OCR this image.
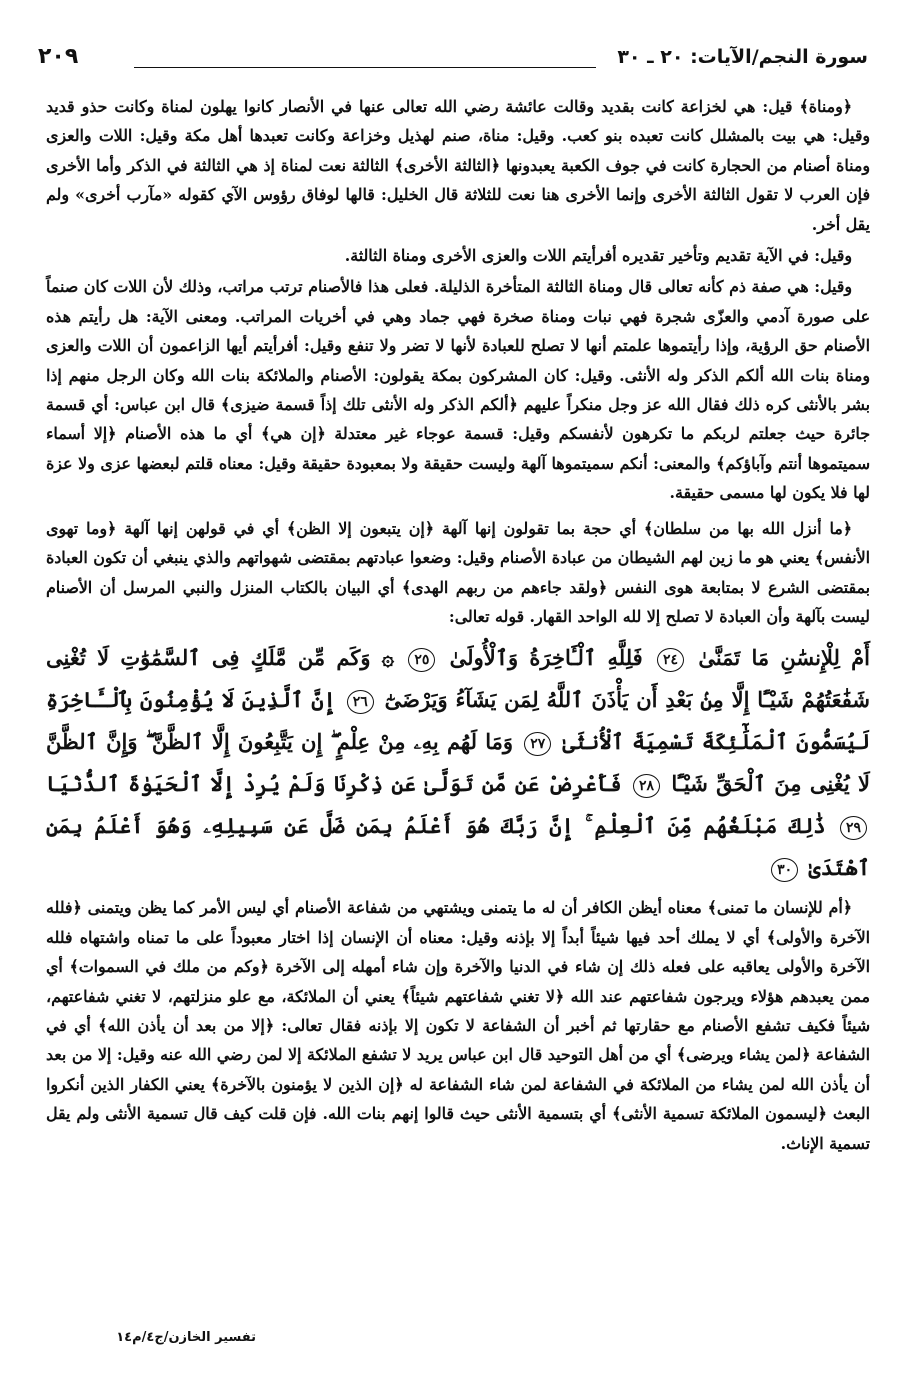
سورة النجم/الآيات: ٢٠ ـ ٣٠
٢٠٩

﴿ومناة﴾ قيل: هي لخزاعة كانت بقديد وقالت عائشة رضي الله تعالى عنها في الأنصار كانوا يهلون لمناة وكانت حذو قديد وقيل: هي بيت بالمشلل كانت تعبده بنو كعب. وقيل: مناة، صنم لهذيل وخزاعة وكانت تعبدها أهل مكة وقيل: اللات والعزى ومناة أصنام من الحجارة كانت في جوف الكعبة يعبدونها ﴿الثالثة الأخرى﴾ الثالثة نعت لمناة إذ هي الثالثة في الذكر وأما الأخرى فإن العرب لا تقول الثالثة الأخرى وإنما الأخرى هنا نعت للثلاثة قال الخليل: قالها لوفاق رؤوس الآي كقوله «مآرب أخرى» ولم يقل أخر.

وقيل: في الآية تقديم وتأخير تقديره أفرأيتم اللات والعزى الأخرى ومناة الثالثة.

وقيل: هي صفة ذم كأنه تعالى قال ومناة الثالثة المتأخرة الذليلة. فعلى هذا فالأصنام ترتب مراتب، وذلك لأن اللات كان صنماً على صورة آدمي والعزّى شجرة فهي نبات ومناة صخرة فهي جماد وهي في أخريات المراتب. ومعنى الآية: هل رأيتم هذه الأصنام حق الرؤية، وإذا رأيتموها علمتم أنها لا تصلح للعبادة لأنها لا تضر ولا تنفع وقيل: أفرأيتم أيها الزاعمون أن اللات والعزى ومناة بنات الله ألكم الذكر وله الأنثى. وقيل: كان المشركون بمكة يقولون: الأصنام والملائكة بنات الله وكان الرجل منهم إذا بشر بالأنثى كره ذلك فقال الله عز وجل منكراً عليهم ﴿ألكم الذكر وله الأنثى تلك إذاً قسمة ضيزى﴾ قال ابن عباس: أي قسمة جائرة حيث جعلتم لربكم ما تكرهون لأنفسكم وقيل: قسمة عوجاء غير معتدلة ﴿إن هي﴾ أي ما هذه الأصنام ﴿إلا أسماء سميتموها أنتم وآباؤكم﴾ والمعنى: أنكم سميتموها آلهة وليست حقيقة ولا بمعبودة حقيقة وقيل: معناه قلتم لبعضها عزى ولا عزة لها فلا يكون لها مسمى حقيقة.

﴿ما أنزل الله بها من سلطان﴾ أي حجة بما تقولون إنها آلهة ﴿إن يتبعون إلا الظن﴾ أي في قولهن إنها آلهة ﴿وما تهوى الأنفس﴾ يعني هو ما زين لهم الشيطان من عبادة الأصنام وقيل: وضعوا عبادتهم بمقتضى شهواتهم والذي ينبغي أن تكون العبادة بمقتضى الشرع لا بمتابعة هوى النفس ﴿ولقد جاءهم من ربهم الهدى﴾ أي البيان بالكتاب المنزل والنبي المرسل أن الأصنام ليست بآلهة وأن العبادة لا تصلح إلا لله الواحد القهار. قوله تعالى:

أَمْ لِلْإِنسَٰنِ مَا تَمَنَّىٰ ٢٤ فَلِلَّهِ ٱلْـَٔاخِرَةُ وَٱلْأُولَىٰ ٢٥ ۞ وَكَم مِّن مَّلَكٍ فِى ٱلسَّمَٰوَٰتِ لَا تُغْنِى شَفَٰعَتُهُمْ شَيْـًٔا إِلَّا مِنۢ بَعْدِ أَن يَأْذَنَ ٱللَّهُ لِمَن يَشَآءُ وَيَرْضَىٰٓ ٢٦ إِنَّ ٱلَّذِينَ لَا يُؤْمِنُونَ بِٱلْـَٔاخِرَةِ لَيُسَمُّونَ ٱلْمَلَٰٓئِكَةَ تَسْمِيَةَ ٱلْأُنثَىٰ ٢٧ وَمَا لَهُم بِهِۦ مِنْ عِلْمٍ ۖ إِن يَتَّبِعُونَ إِلَّا ٱلظَّنَّ ۖ وَإِنَّ ٱلظَّنَّ لَا يُغْنِى مِنَ ٱلْحَقِّ شَيْـًٔا ٢٨ فَأَعْرِضْ عَن مَّن تَوَلَّىٰ عَن ذِكْرِنَا وَلَمْ يُرِدْ إِلَّا ٱلْحَيَوٰةَ ٱلدُّنْيَا ٢٩ ذَٰلِكَ مَبْلَغُهُم مِّنَ ٱلْعِلْمِ ۚ إِنَّ رَبَّكَ هُوَ أَعْلَمُ بِمَن ضَلَّ عَن سَبِيلِهِۦ وَهُوَ أَعْلَمُ بِمَنِ ٱهْتَدَىٰ ٣٠

﴿أم للإنسان ما تمنى﴾ معناه أيظن الكافر أن له ما يتمنى ويشتهي من شفاعة الأصنام أي ليس الأمر كما يظن ويتمنى ﴿فلله الآخرة والأولى﴾ أي لا يملك أحد فيها شيئاً أبداً إلا بإذنه وقيل: معناه أن الإنسان إذا اختار معبوداً على ما تمناه واشتهاه فلله الآخرة والأولى يعاقبه على فعله ذلك إن شاء في الدنيا والآخرة وإن شاء أمهله إلى الآخرة ﴿وكم من ملك في السموات﴾ أي ممن يعبدهم هؤلاء ويرجون شفاعتهم عند الله ﴿لا تغني شفاعتهم شيئاً﴾ يعني أن الملائكة، مع علو منزلتهم، لا تغني شفاعتهم، شيئاً فكيف تشفع الأصنام مع حقارتها ثم أخبر أن الشفاعة لا تكون إلا بإذنه فقال تعالى: ﴿إلا من بعد أن يأذن الله﴾ أي في الشفاعة ﴿لمن يشاء ويرضى﴾ أي من أهل التوحيد قال ابن عباس يريد لا تشفع الملائكة إلا لمن رضي الله عنه وقيل: إلا من بعد أن يأذن الله لمن يشاء من الملائكة في الشفاعة لمن شاء الشفاعة له ﴿إن الذين لا يؤمنون بالآخرة﴾ يعني الكفار الذين أنكروا البعث ﴿ليسمون الملائكة تسمية الأنثى﴾ أي بتسمية الأنثى حيث قالوا إنهم بنات الله. فإن قلت كيف قال تسمية الأنثى ولم يقل تسمية الإناث.

تفسير الخازن/ج٤/م١٤
